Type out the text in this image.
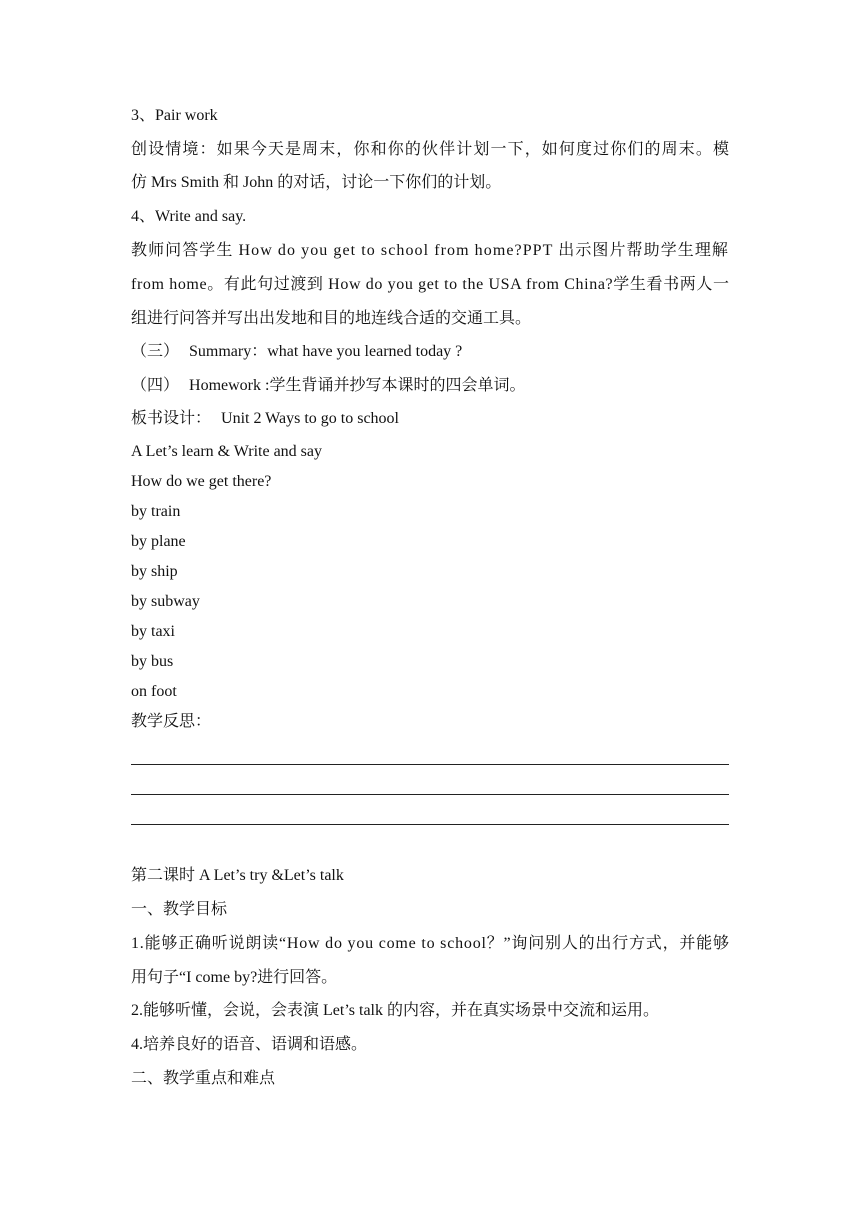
3、Pair work
创设情境：如果今天是周末，你和你的伙伴计划一下，如何度过你们的周末。模
仿 Mrs Smith 和 John 的对话，讨论一下你们的计划。
4、Write and say.
教师问答学生 How do you get to school from home?PPT 出示图片帮助学生理解
from home。有此句过渡到 How do you get to the USA from China?学生看书两人一
组进行问答并写出出发地和目的地连线合适的交通工具。
（三） Summary：what have you learned today ?
（四） Homework :学生背诵并抄写本课时的四会单词。
板书设计： Unit 2 Ways to go to school
A Let’s learn & Write and say
How do we get there?
by train
by plane
by ship
by subway
by taxi
by bus
on foot
教学反思：
第二课时 A Let’s try &Let’s talk
一、教学目标
1.能够正确听说朗读“How do you come to school？”询问别人的出行方式，并能够
用句子“I come by?进行回答。
2.能够听懂，会说，会表演 Let’s talk 的内容，并在真实场景中交流和运用。
4.培养良好的语音、语调和语感。
二、教学重点和难点
